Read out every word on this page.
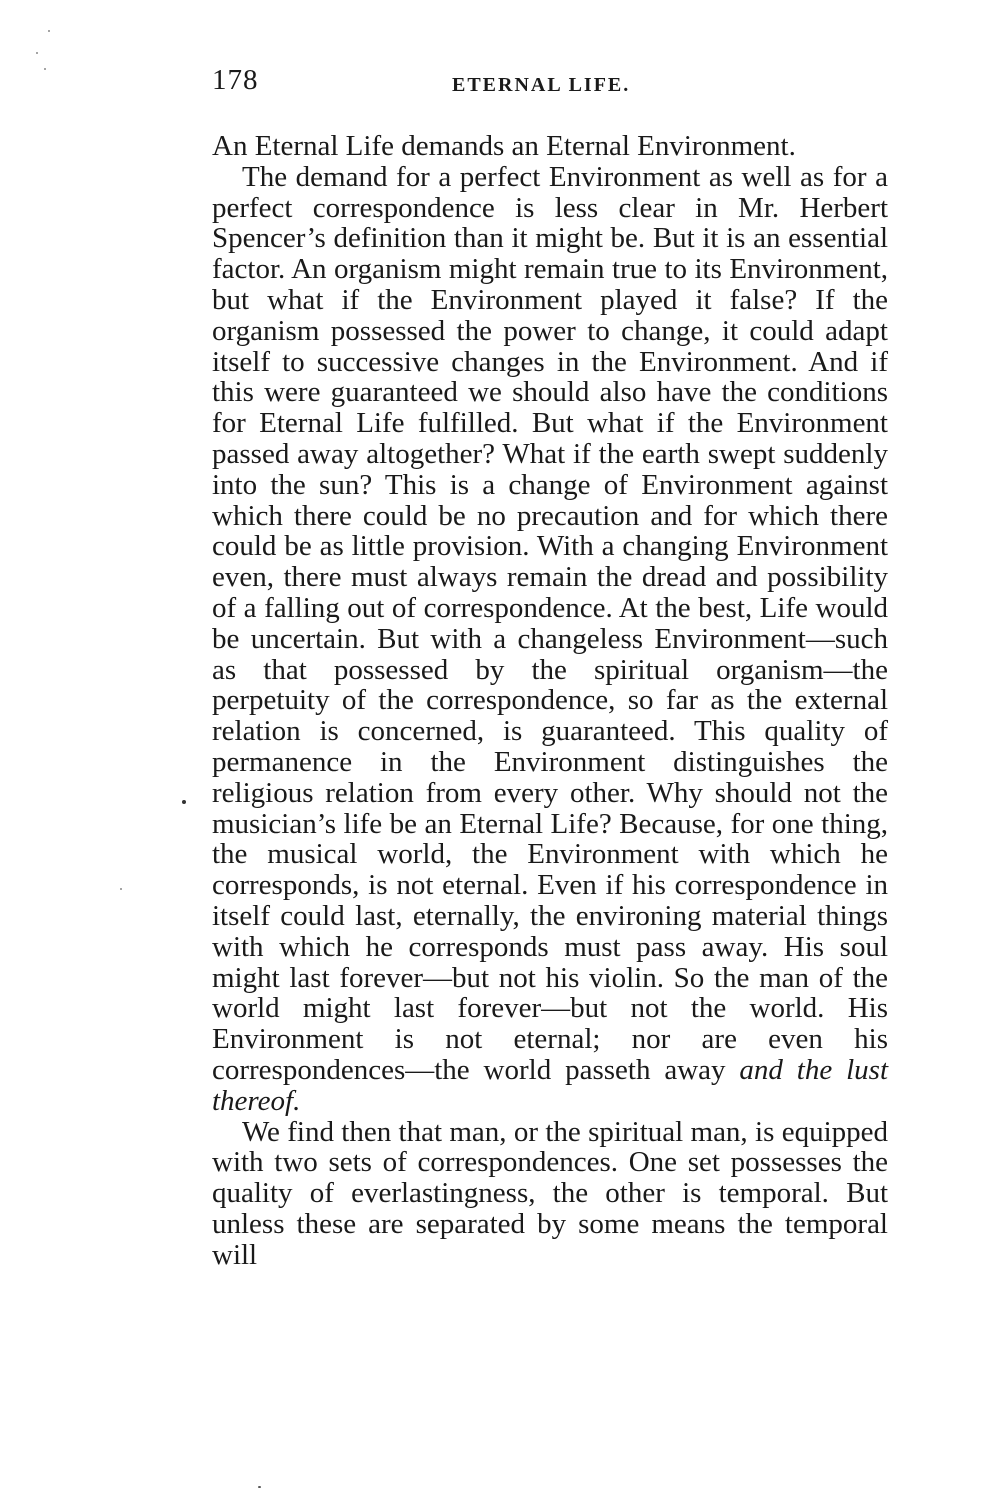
178	ETERNAL LIFE.

An Eternal Life demands an Eternal Environment.

The demand for a perfect Environment as well as for a perfect correspondence is less clear in Mr. Herbert Spencer’s definition than it might be. But it is an essential factor. An organism might remain true to its Environment, but what if the Environment played it false? If the organism possessed the power to change, it could adapt itself to successive changes in the Environment. And if this were guaranteed we should also have the conditions for Eternal Life fulfilled. But what if the Environment passed away altogether? What if the earth swept suddenly into the sun? This is a change of Environment against which there could be no precaution and for which there could be as little provision. With a changing Environment even, there must always remain the dread and possibility of a falling out of correspondence. At the best, Life would be uncertain. But with a changeless Environment—such as that possessed by the spiritual organism—the perpetuity of the correspondence, so far as the external relation is concerned, is guaranteed. This quality of permanence in the Environment distinguishes the religious relation from every other. Why should not the musician’s life be an Eternal Life? Because, for one thing, the musical world, the Environment with which he corresponds, is not eternal. Even if his correspondence in itself could last, eternally, the environing material things with which he corresponds must pass away. His soul might last forever—but not his violin. So the man of the world might last forever—but not the world. His Environment is not eternal; nor are even his correspondences—the world passeth away and the lust thereof.

We find then that man, or the spiritual man, is equipped with two sets of correspondences. One set possesses the quality of everlastingness, the other is temporal. But unless these are separated by some means the temporal will
